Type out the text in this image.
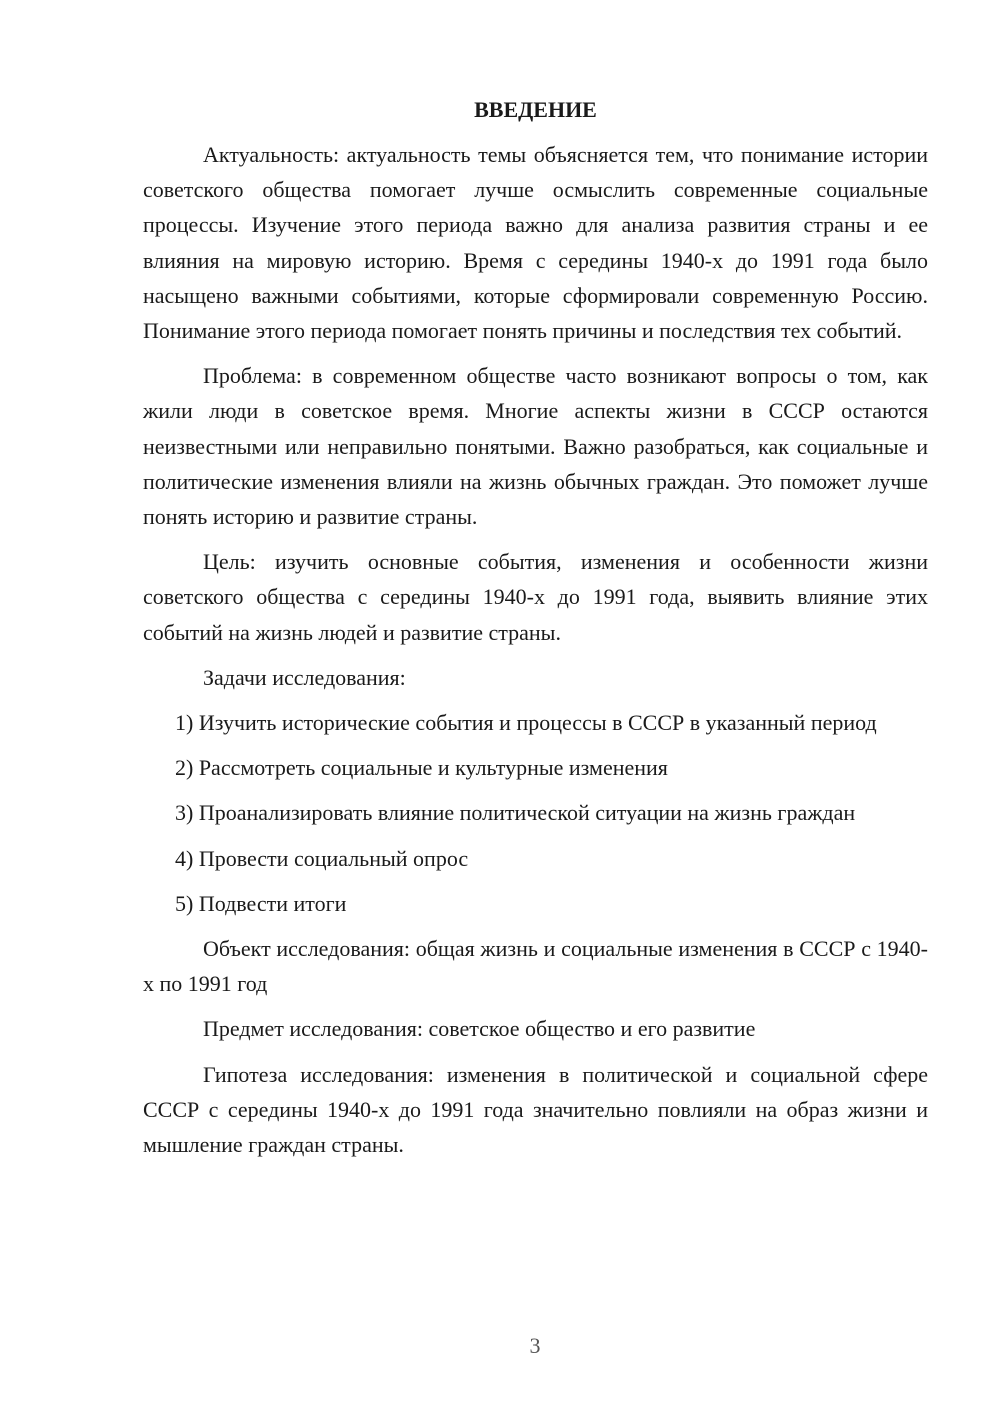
ВВЕДЕНИЕ

Актуальность: актуальность темы объясняется тем, что понимание истории советского общества помогает лучше осмыслить современные социальные процессы. Изучение этого периода важно для анализа развития страны и ее влияния на мировую историю. Время с середины 1940-х до 1991 года было насыщено важными событиями, которые сформировали современную Россию. Понимание этого периода помогает понять причины и последствия тех событий.

Проблема: в современном обществе часто возникают вопросы о том, как жили люди в советское время. Многие аспекты жизни в СССР остаются неизвестными или неправильно понятыми. Важно разобраться, как социальные и политические изменения влияли на жизнь обычных граждан. Это поможет лучше понять историю и развитие страны.

Цель: изучить основные события, изменения и особенности жизни советского общества с середины 1940-х до 1991 года, выявить влияние этих событий на жизнь людей и развитие страны.

Задачи исследования:

1) Изучить исторические события и процессы в СССР в указанный период

2) Рассмотреть социальные и культурные изменения

3) Проанализировать влияние политической ситуации на жизнь граждан

4) Провести социальный опрос

5) Подвести итоги

Объект исследования: общая жизнь и социальные изменения в СССР с 1940-х по 1991 год

Предмет исследования: советское общество и его развитие

Гипотеза исследования: изменения в политической и социальной сфере СССР с середины 1940-х до 1991 года значительно повлияли на образ жизни и мышление граждан страны.

3
